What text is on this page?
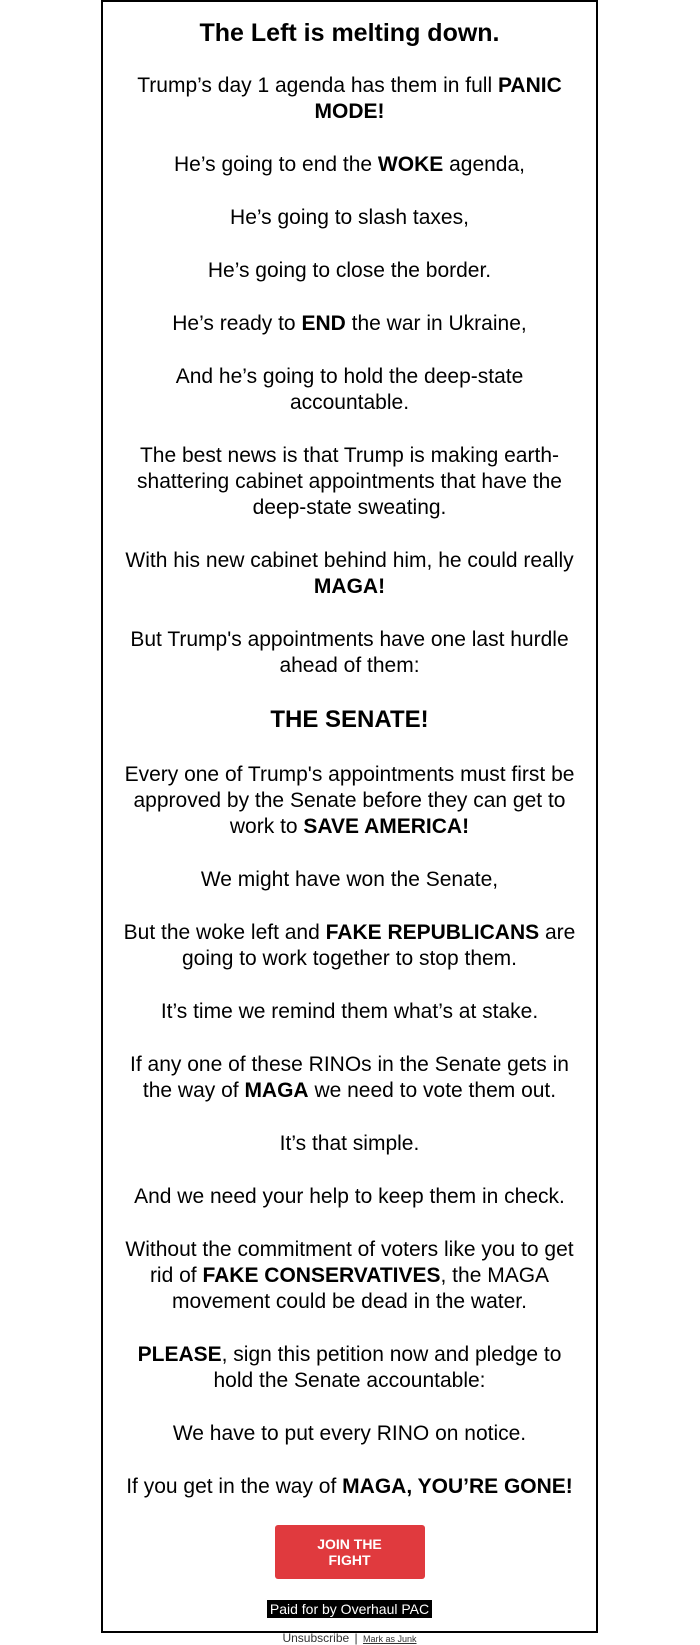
The Left is melting down.

Trump’s day 1 agenda has them in full PANIC MODE!

He’s going to end the WOKE agenda,

He’s going to slash taxes,

He’s going to close the border.

He’s ready to END the war in Ukraine,

And he’s going to hold the deep-state accountable.

The best news is that Trump is making earth-shattering cabinet appointments that have the deep-state sweating.

With his new cabinet behind him, he could really MAGA!

But Trump's appointments have one last hurdle ahead of them:

THE SENATE!

Every one of Trump's appointments must first be approved by the Senate before they can get to work to SAVE AMERICA!

We might have won the Senate,

But the woke left and FAKE REPUBLICANS are going to work together to stop them.

It’s time we remind them what’s at stake.

If any one of these RINOs in the Senate gets in the way of MAGA we need to vote them out.

It’s that simple.

And we need your help to keep them in check.

Without the commitment of voters like you to get rid of FAKE CONSERVATIVES, the MAGA movement could be dead in the water.

PLEASE, sign this petition now and pledge to hold the Senate accountable:

We have to put every RINO on notice.

If you get in the way of MAGA, YOU’RE GONE!

JOIN THE FIGHT
Paid for by Overhaul PAC
Unsubscribe | Mark as Junk
